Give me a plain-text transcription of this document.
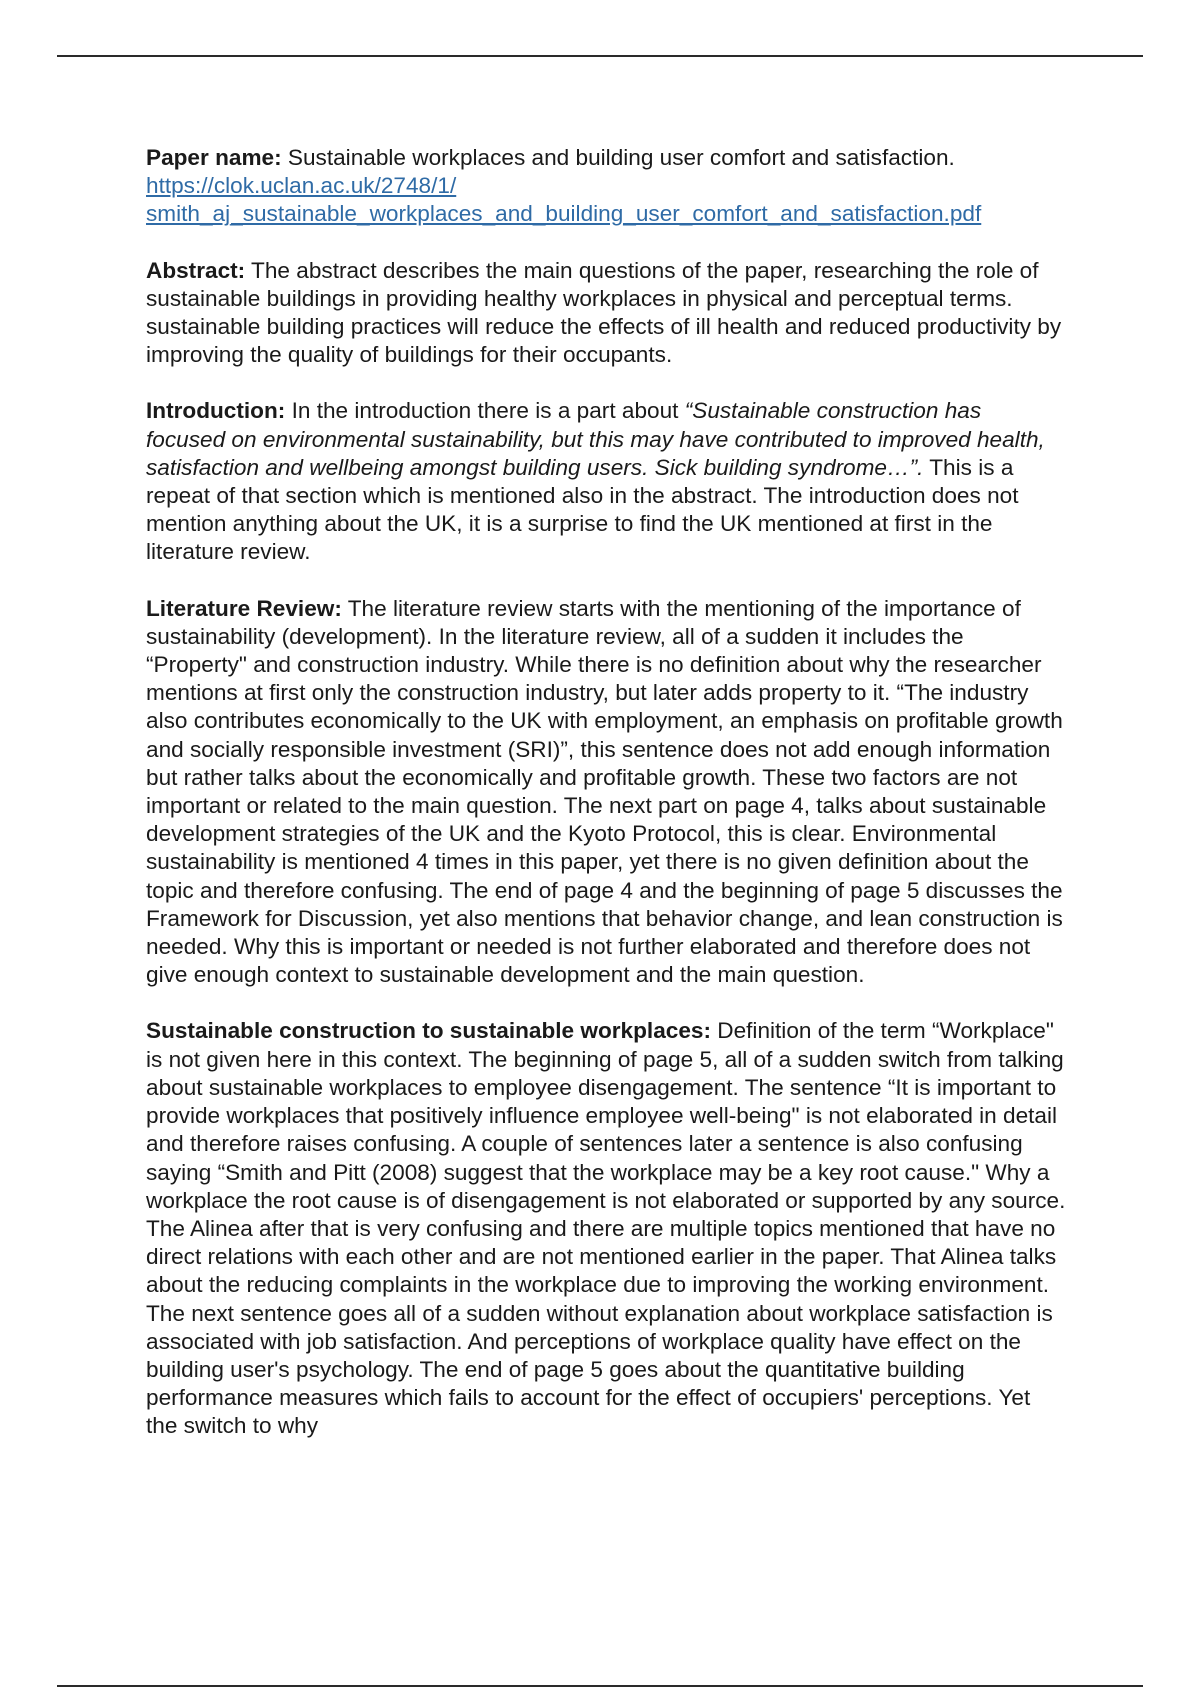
Paper name: Sustainable workplaces and building user comfort and satisfaction.
https://clok.uclan.ac.uk/2748/1/
smith_aj_sustainable_workplaces_and_building_user_comfort_and_satisfaction.pdf

Abstract: The abstract describes the main questions of the paper, researching the role of sustainable buildings in providing healthy workplaces in physical and perceptual terms. sustainable building practices will reduce the effects of ill health and reduced productivity by improving the quality of buildings for their occupants.

Introduction: In the introduction there is a part about “Sustainable construction has focused on environmental sustainability, but this may have contributed to improved health, satisfaction and wellbeing amongst building users. Sick building syndrome…”. This is a repeat of that section which is mentioned also in the abstract. The introduction does not mention anything about the UK, it is a surprise to find the UK mentioned at first in the literature review.

Literature Review: The literature review starts with the mentioning of the importance of sustainability (development). In the literature review, all of a sudden it includes the “Property" and construction industry. While there is no definition about why the researcher mentions at first only the construction industry, but later adds property to it. “The industry also contributes economically to the UK with employment, an emphasis on profitable growth and socially responsible investment (SRI)”, this sentence does not add enough information but rather talks about the economically and profitable growth. These two factors are not important or related to the main question. The next part on page 4, talks about sustainable development strategies of the UK and the Kyoto Protocol, this is clear. Environmental sustainability is mentioned 4 times in this paper, yet there is no given definition about the topic and therefore confusing. The end of page 4 and the beginning of page 5 discusses the Framework for Discussion, yet also mentions that behavior change, and lean construction is needed. Why this is important or needed is not further elaborated and therefore does not give enough context to sustainable development and the main question.

Sustainable construction to sustainable workplaces: Definition of the term “Workplace" is not given here in this context. The beginning of page 5, all of a sudden switch from talking about sustainable workplaces to employee disengagement. The sentence “It is important to provide workplaces that positively influence employee well-being" is not elaborated in detail and therefore raises confusing. A couple of sentences later a sentence is also confusing saying “Smith and Pitt (2008) suggest that the workplace may be a key root cause." Why a workplace the root cause is of disengagement is not elaborated or supported by any source. The Alinea after that is very confusing and there are multiple topics mentioned that have no direct relations with each other and are not mentioned earlier in the paper. That Alinea talks about the reducing complaints in the workplace due to improving the working environment. The next sentence goes all of a sudden without explanation about workplace satisfaction is associated with job satisfaction. And perceptions of workplace quality have effect on the building user's psychology. The end of page 5 goes about the quantitative building performance measures which fails to account for the effect of occupiers' perceptions. Yet the switch to why
